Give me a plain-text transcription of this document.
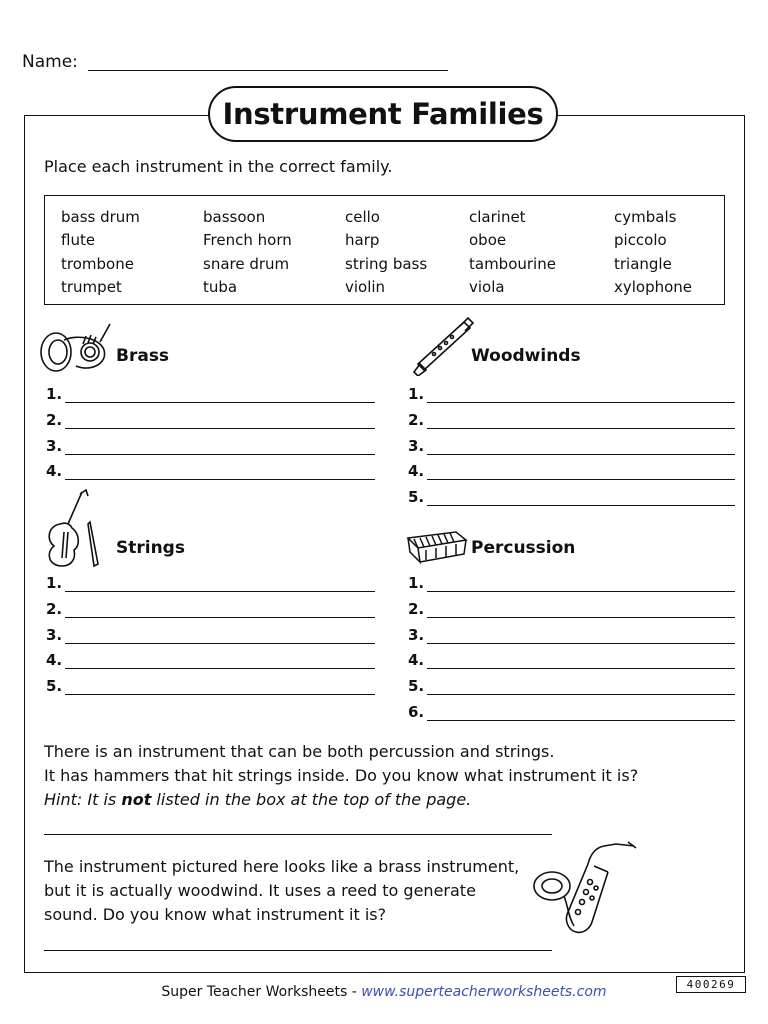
Name:
Instrument Families
Place each instrument in the correct family.
bass drum
flute
trombone
trumpet
bassoon
French horn
snare drum
tuba
cello
harp
string bass
violin
clarinet
oboe
tambourine
viola
cymbals
piccolo
triangle
xylophone
Brass
1.
2.
3.
4.
Woodwinds
1.
2.
3.
4.
5.
Strings
1.
2.
3.
4.
5.
Percussion
1.
2.
3.
4.
5.
6.
There is an instrument that can be both percussion and strings.
It has hammers that hit strings inside. Do you know what instrument it is?
Hint: It is not listed in the box at the top of the page.
The instrument pictured here looks like a brass instrument,
but it is actually woodwind. It uses a reed to generate
sound. Do you know what instrument it is?
Super Teacher Worksheets - www.superteacherworksheets.com	400269
